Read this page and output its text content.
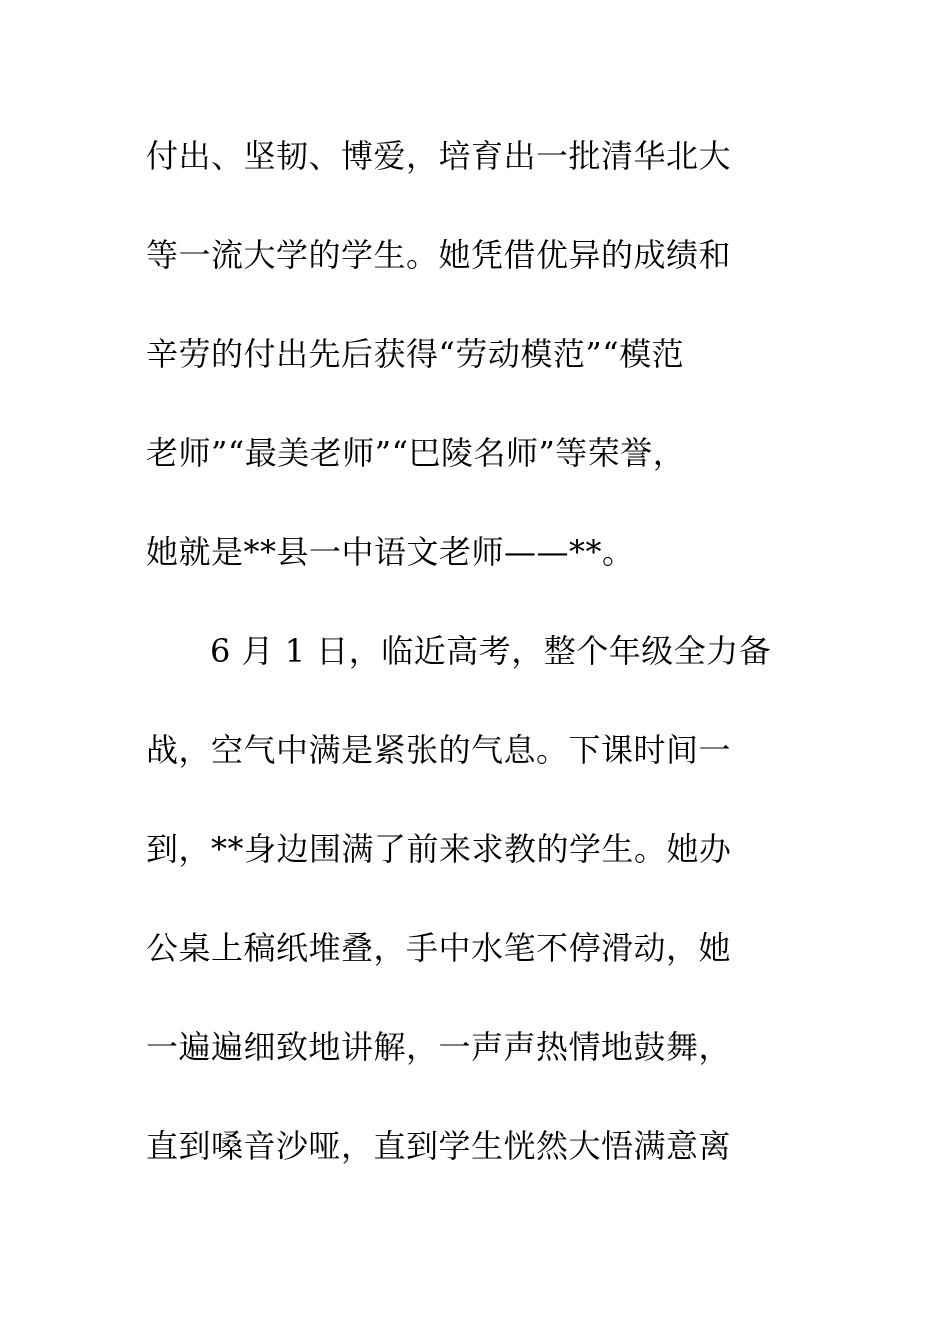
付出、坚韧、博爱，培育出一批清华北大
等一流大学的学生。她凭借优异的成绩和
辛劳的付出先后获得“劳动模范”“模范
老师”“最美老师”“巴陵名师”等荣誉，
她就是**县一中语文老师——**。
6 月 1 日，临近高考，整个年级全力备
战，空气中满是紧张的气息。下课时间一
到，**身边围满了前来求教的学生。她办
公桌上稿纸堆叠，手中水笔不停滑动，她
一遍遍细致地讲解，一声声热情地鼓舞，
直到嗓音沙哑，直到学生恍然大悟满意离
